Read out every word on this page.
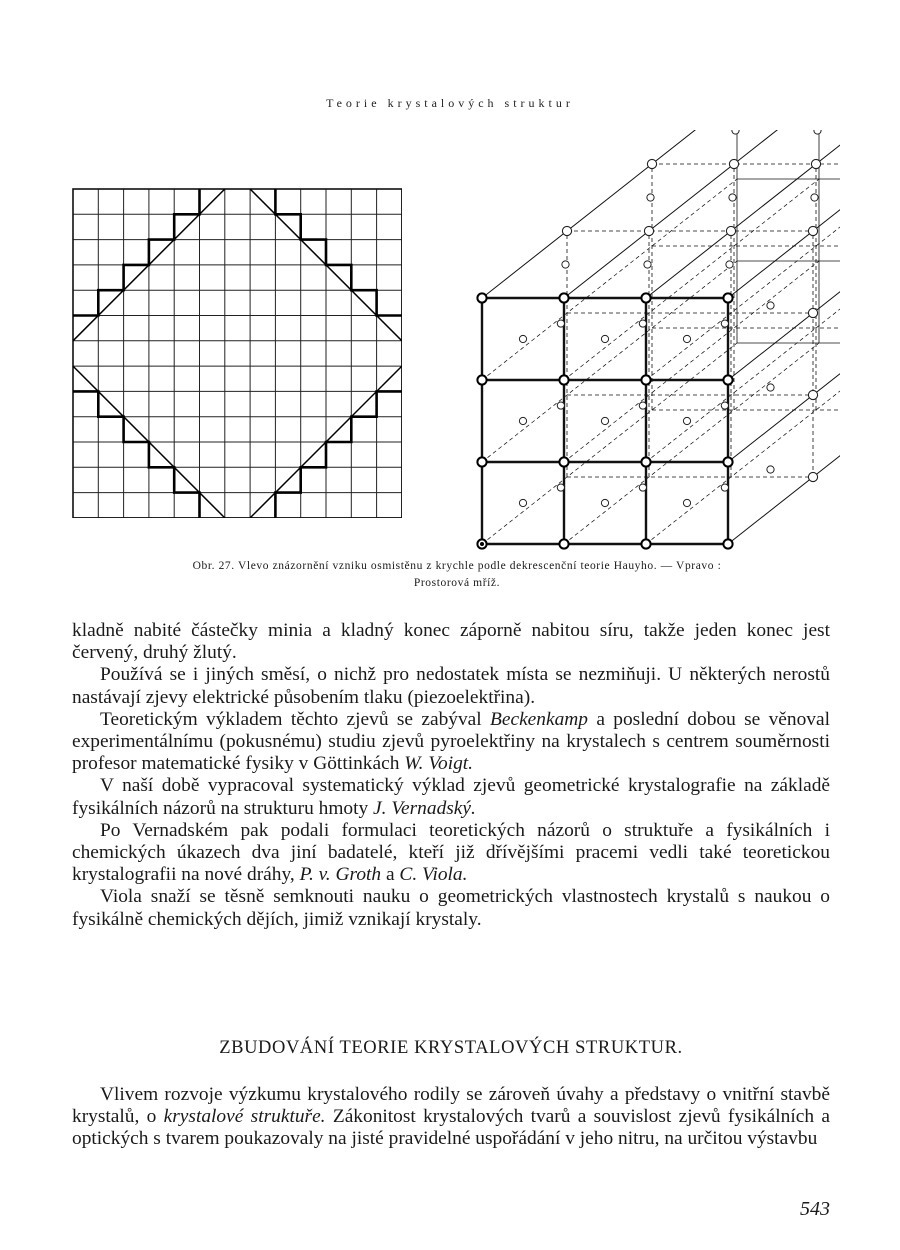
Teorie krystalových struktur
Obr. 27. Vlevo znázornění vzniku osmistěnu z krychle podle dekrescenční teorie Hauyho. — Vpravo :
Prostorová mříž.

kladně nabité částečky minia a kladný konec záporně nabitou síru, takže jeden konec jest červený, druhý žlutý.

Používá se i jiných směsí, o nichž pro nedostatek místa se nezmiňuji. U některých nerostů nastávají zjevy elektrické působením tlaku (piezoelektřina).

Teoretickým výkladem těchto zjevů se zabýval Beckenkamp a poslední dobou se věnoval experimentálnímu (pokusnému) studiu zjevů pyroelektřiny na krystalech s centrem souměrnosti profesor matematické fysiky v Göttinkách W. Voigt.

V naší době vypracoval systematický výklad zjevů geometrické krystalografie na základě fysikálních názorů na strukturu hmoty J. Vernadský.

Po Vernadském pak podali formulaci teoretických názorů o struktuře a fysikálních i chemických úkazech dva jiní badatelé, kteří již dřívějšími pracemi vedli také teoretickou krystalografii na nové dráhy, P. v. Groth a C. Viola.

Viola snaží se těsně semknouti nauku o geometrických vlastnostech krystalů s naukou o fysikálně chemických dějích, jimiž vznikají krystaly.

ZBUDOVÁNÍ TEORIE KRYSTALOVÝCH STRUKTUR.

Vlivem rozvoje výzkumu krystalového rodily se zároveň úvahy a představy o vnitřní stavbě krystalů, o krystalové struktuře. Zákonitost krystalových tvarů a souvislost zjevů fysikálních a optických s tvarem poukazovaly na jisté pravidelné uspořádání v jeho nitru, na určitou výstavbu

543
